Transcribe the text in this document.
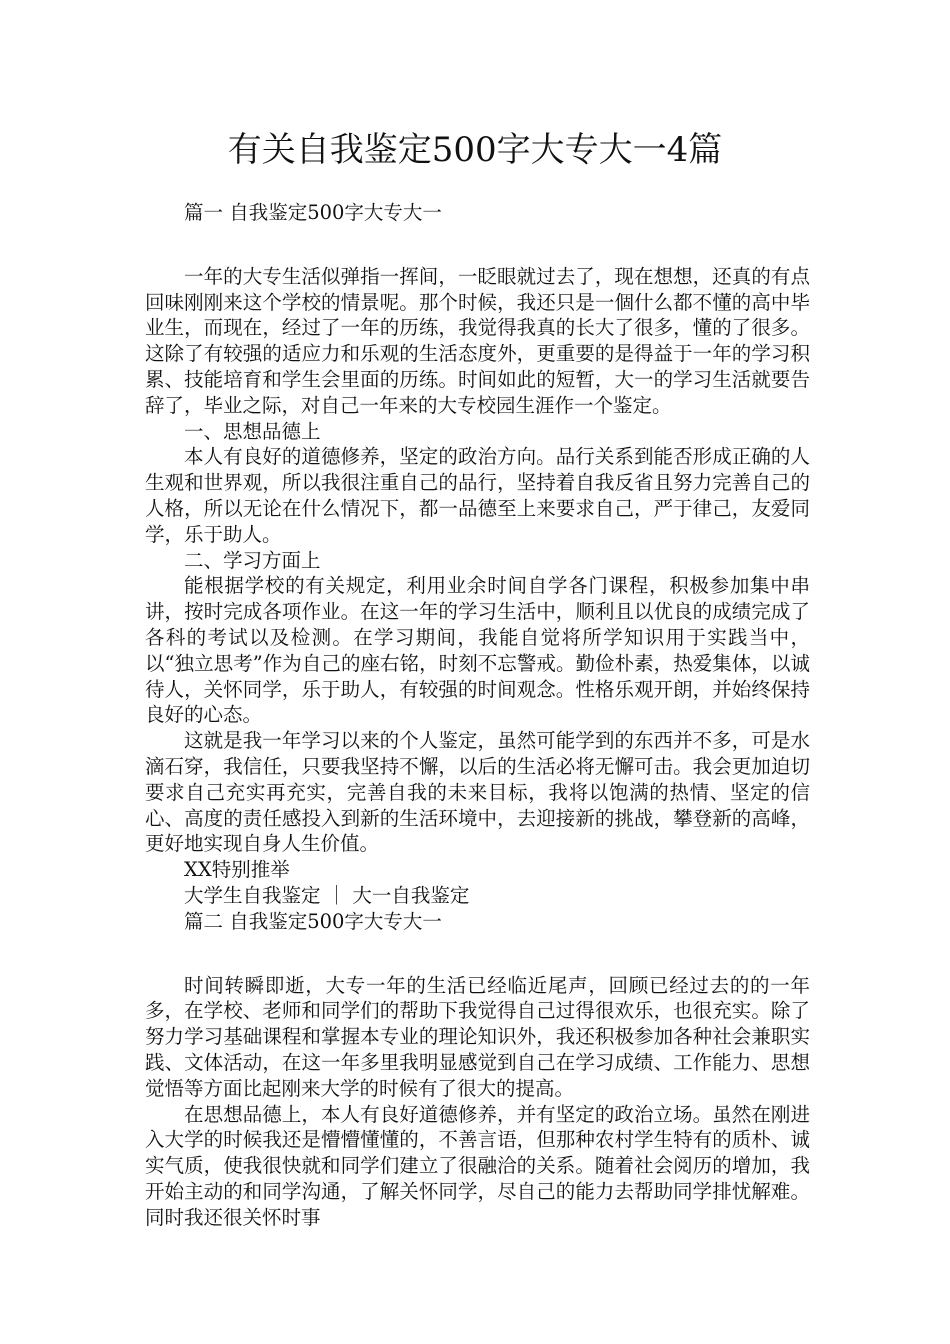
有关自我鉴定500字大专大一4篇

篇一 自我鉴定500字大专大一

一年的大专生活似弹指一挥间，一眨眼就过去了，现在想想，还真的有点回味刚刚来这个学校的情景呢。那个时候，我还只是一個什么都不懂的高中毕业生，而现在，经过了一年的历练，我觉得我真的长大了很多，懂的了很多。这除了有较强的适应力和乐观的生活态度外，更重要的是得益于一年的学习积累、技能培育和学生会里面的历练。时间如此的短暂，大一的学习生活就要告辞了，毕业之际，对自己一年来的大专校园生涯作一个鉴定。

一、思想品德上

本人有良好的道德修养，坚定的政治方向。品行关系到能否形成正确的人生观和世界观，所以我很注重自己的品行，坚持着自我反省且努力完善自己的人格，所以无论在什么情况下，都一品德至上来要求自己，严于律己，友爱同学，乐于助人。

二、学习方面上

能根据学校的有关规定，利用业余时间自学各门课程，积极参加集中串讲，按时完成各项作业。在这一年的学习生活中，顺利且以优良的成绩完成了各科的考试以及检测。在学习期间，我能自觉将所学知识用于实践当中，以“独立思考”作为自己的座右铭，时刻不忘警戒。勤俭朴素，热爱集体，以诚待人，关怀同学，乐于助人，有较强的时间观念。性格乐观开朗，并始终保持良好的心态。

这就是我一年学习以来的个人鉴定，虽然可能学到的东西并不多，可是水滴石穿，我信任，只要我坚持不懈，以后的生活必将无懈可击。我会更加迫切要求自己充实再充实，完善自我的未来目标，我将以饱满的热情、坚定的信心、高度的责任感投入到新的生活环境中，去迎接新的挑战，攀登新的高峰，更好地实现自身人生价值。

XX特别推举

大学生自我鉴定 ｜ 大一自我鉴定

篇二 自我鉴定500字大专大一

时间转瞬即逝，大专一年的生活已经临近尾声，回顾已经过去的的一年多，在学校、老师和同学们的帮助下我觉得自己过得很欢乐，也很充实。除了努力学习基础课程和掌握本专业的理论知识外，我还积极参加各种社会兼职实践、文体活动，在这一年多里我明显感觉到自己在学习成绩、工作能力、思想觉悟等方面比起刚来大学的时候有了很大的提高。

在思想品德上，本人有良好道德修养，并有坚定的政治立场。虽然在刚进入大学的时候我还是懵懵懂懂的，不善言语，但那种农村学生特有的质朴、诚实气质，使我很快就和同学们建立了很融洽的关系。随着社会阅历的增加，我开始主动的和同学沟通，了解关怀同学，尽自己的能力去帮助同学排忧解难。同时我还很关怀时事
